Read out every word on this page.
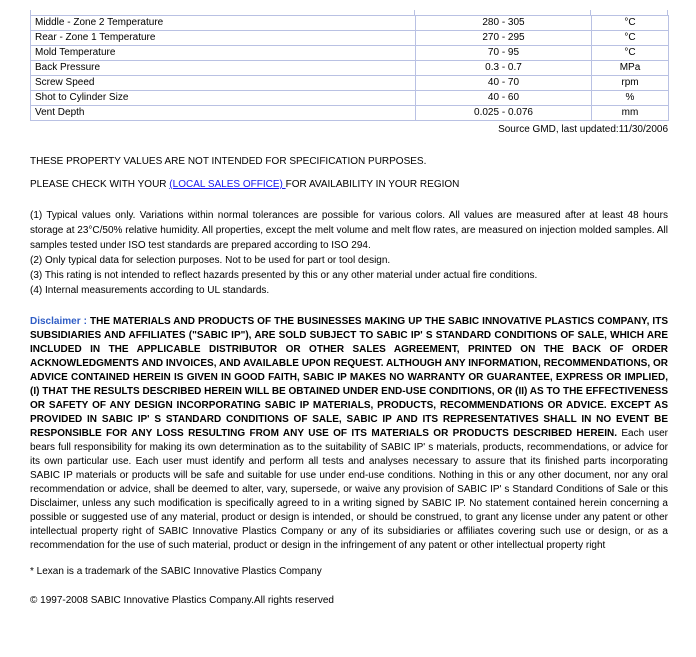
Middle - Zone 2 Temperature	280 - 305	°C
Rear - Zone 1 Temperature	270 - 295	°C
Mold Temperature	70 - 95	°C
Back Pressure	0.3 - 0.7	MPa
Screw Speed	40 - 70	rpm
Shot to Cylinder Size	40 - 60	%
Vent Depth	0.025 - 0.076	mm
Source GMD, last updated:11/30/2006
THESE PROPERTY VALUES ARE NOT INTENDED FOR SPECIFICATION PURPOSES.
PLEASE CHECK WITH YOUR (LOCAL SALES OFFICE) FOR AVAILABILITY IN YOUR REGION
(1) Typical values only. Variations within normal tolerances are possible for various colors. All values are measured after at least 48 hours storage at 23°C/50% relative humidity. All properties, except the melt volume and melt flow rates, are measured on injection molded samples. All samples tested under ISO test standards are prepared according to ISO 294.
(2) Only typical data for selection purposes. Not to be used for part or tool design.
(3) This rating is not intended to reflect hazards presented by this or any other material under actual fire conditions.
(4) Internal measurements according to UL standards.
Disclaimer : THE MATERIALS AND PRODUCTS OF THE BUSINESSES MAKING UP THE SABIC INNOVATIVE PLASTICS COMPANY, ITS SUBSIDIARIES AND AFFILIATES ("SABIC IP"), ARE SOLD SUBJECT TO SABIC IP' S STANDARD CONDITIONS OF SALE, WHICH ARE INCLUDED IN THE APPLICABLE DISTRIBUTOR OR OTHER SALES AGREEMENT, PRINTED ON THE BACK OF ORDER ACKNOWLEDGMENTS AND INVOICES, AND AVAILABLE UPON REQUEST. ALTHOUGH ANY INFORMATION, RECOMMENDATIONS, OR ADVICE CONTAINED HEREIN IS GIVEN IN GOOD FAITH, SABIC IP MAKES NO WARRANTY OR GUARANTEE, EXPRESS OR IMPLIED, (I) THAT THE RESULTS DESCRIBED HEREIN WILL BE OBTAINED UNDER END-USE CONDITIONS, OR (II) AS TO THE EFFECTIVENESS OR SAFETY OF ANY DESIGN INCORPORATING SABIC IP MATERIALS, PRODUCTS, RECOMMENDATIONS OR ADVICE. EXCEPT AS PROVIDED IN SABIC IP' S STANDARD CONDITIONS OF SALE, SABIC IP AND ITS REPRESENTATIVES SHALL IN NO EVENT BE RESPONSIBLE FOR ANY LOSS RESULTING FROM ANY USE OF ITS MATERIALS OR PRODUCTS DESCRIBED HEREIN. Each user bears full responsibility for making its own determination as to the suitability of SABIC IP' s materials, products, recommendations, or advice for its own particular use. Each user must identify and perform all tests and analyses necessary to assure that its finished parts incorporating SABIC IP materials or products will be safe and suitable for use under end-use conditions. Nothing in this or any other document, nor any oral recommendation or advice, shall be deemed to alter, vary, supersede, or waive any provision of SABIC IP' s Standard Conditions of Sale or this Disclaimer, unless any such modification is specifically agreed to in a writing signed by SABIC IP. No statement contained herein concerning a possible or suggested use of any material, product or design is intended, or should be construed, to grant any license under any patent or other intellectual property right of SABIC Innovative Plastics Company or any of its subsidiaries or affiliates covering such use or design, or as a recommendation for the use of such material, product or design in the infringement of any patent or other intellectual property right
* Lexan is a trademark of the SABIC Innovative Plastics Company
© 1997-2008 SABIC Innovative Plastics Company.All rights reserved
